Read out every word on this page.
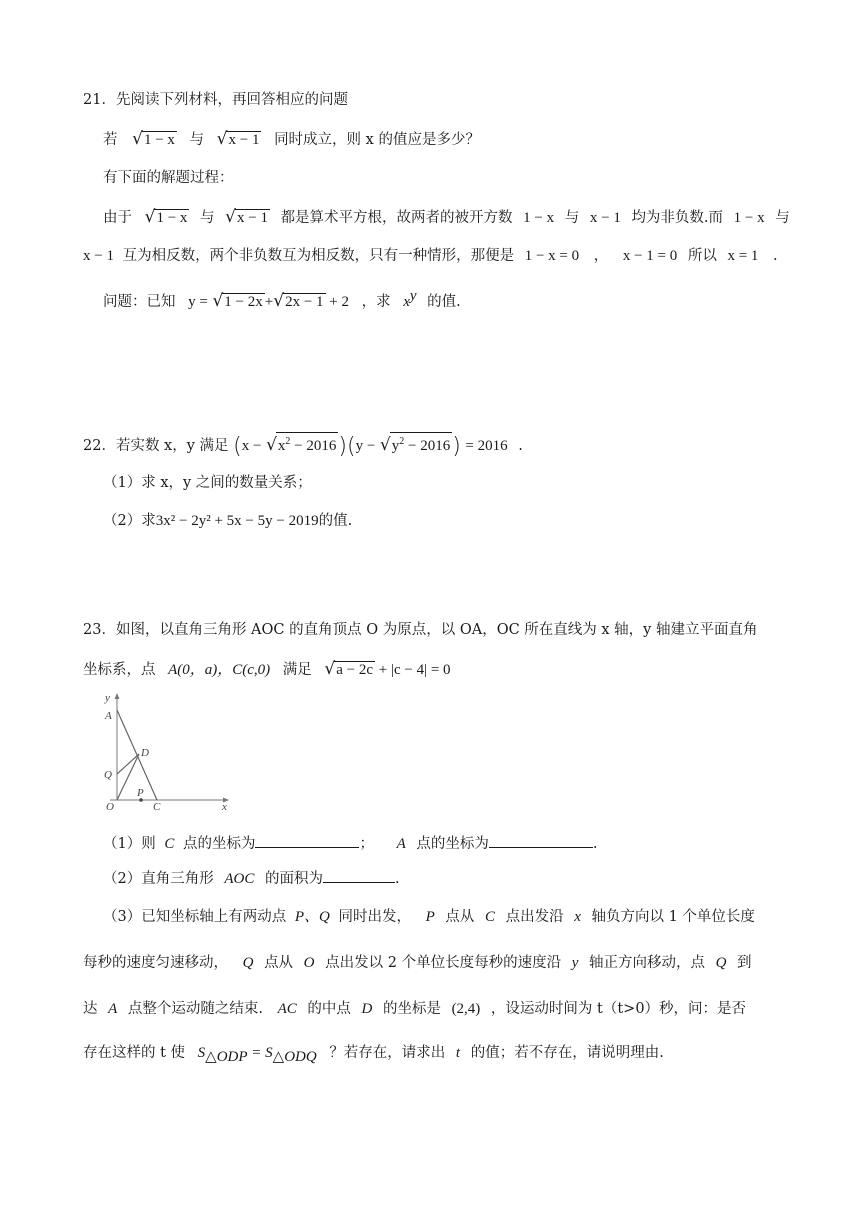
21．先阅读下列材料，再回答相应的问题
若 √1 − x 与 √x − 1 同时成立，则 x 的值应是多少？
有下面的解题过程：
由于 √1 − x 与 √x − 1 都是算术平方根，故两者的被开方数 1 − x 与 x − 1 均为非负数.而 1 − x 与
x − 1 互为相反数，两个非负数互为相反数，只有一种情形，那便是 1 − x = 0 ， x − 1 = 0 所以 x = 1 .
问题：已知 y = √1 − 2x +√2x − 1 + 2 ，求 $x^y$ 的值.
22．若实数 x，y 满足 $(x - √x^2 - 2016)(y - √y^2 - 2016) = 2016$ .
（1）求 x，y 之间的数量关系；
（2）求3x² − 2y² + 5x − 5y − 2019的值.
23．如图，以直角三角形 AOC 的直角顶点 O 为原点，以 OA，OC 所在直线为 x 轴，y 轴建立平面直角
坐标系，点 A(0，a)，C(c,0) 满足 √a − 2c + |c − 4| = 0
y
x
A
D
Q
O
P
C
（1）则 C 点的坐标为	； A 点的坐标为	.
（2）直角三角形 AOC 的面积为	.
（3）已知坐标轴上有两动点 P、Q 同时出发， P 点从 C 点出发沿 x 轴负方向以 1 个单位长度
每秒的速度匀速移动， Q 点从 O 点出发以 2 个单位长度每秒的速度沿 y 轴正方向移动，点 Q 到
达 A 点整个运动随之结束. AC 的中点 D 的坐标是 (2,4) ，设运动时间为 t（t>0）秒，问：是否
存在这样的 t 使 $S_{\triangle ODP} = S_{\triangle ODQ}$ ？若存在，请求出 t 的值；若不存在，请说明理由.
